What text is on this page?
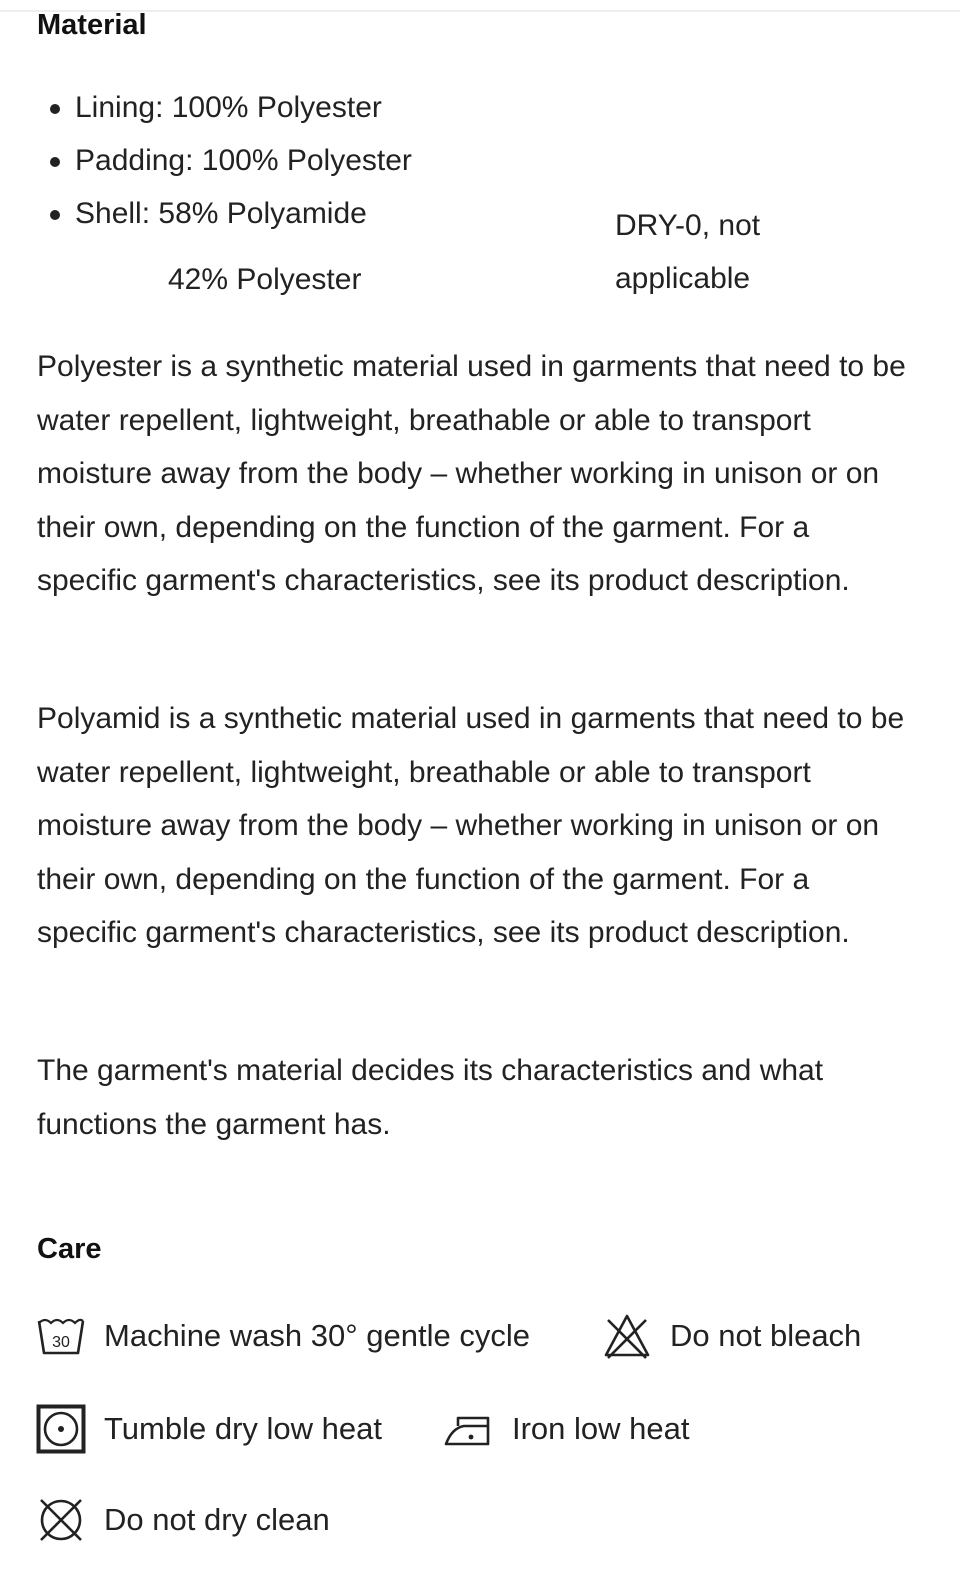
Material
Lining: 100% Polyester
Padding: 100% Polyester
Shell: 58% Polyamide
42% Polyester
DRY-0, not applicable

Polyester is a synthetic material used in garments that need to be water repellent, lightweight, breathable or able to transport moisture away from the body – whether working in unison or on their own, depending on the function of the garment. For a specific garment's characteristics, see its product description.

Polyamid is a synthetic material used in garments that need to be water repellent, lightweight, breathable or able to transport moisture away from the body – whether working in unison or on their own, depending on the function of the garment. For a specific garment's characteristics, see its product description.

The garment's material decides its characteristics and what functions the garment has.

Care
30 Machine wash 30° gentle cycle	Do not bleach
Tumble dry low heat	Iron low heat
Do not dry clean
